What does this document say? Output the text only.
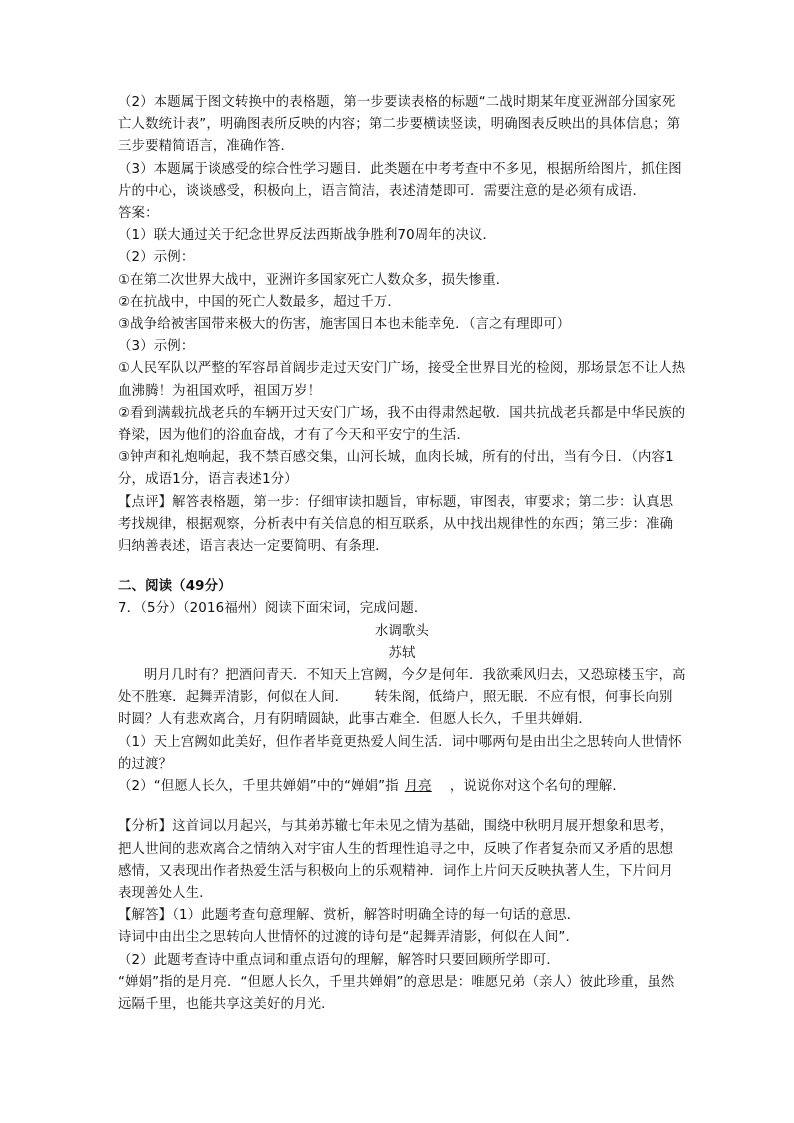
（2）本题属于图文转换中的表格题，第一步要读表格的标题“二战时期某年度亚洲部分国家死亡人数统计表”，明确图表所反映的内容；第二步要横读竖读，明确图表反映出的具体信息；第三步要精简语言，准确作答．

（3）本题属于谈感受的综合性学习题目．此类题在中考考查中不多见，根据所给图片，抓住图片的中心，谈谈感受，积极向上，语言简洁，表述清楚即可．需要注意的是必须有成语．

答案：

（1）联大通过关于纪念世界反法西斯战争胜利70周年的决议．

（2）示例：

①在第二次世界大战中，亚洲许多国家死亡人数众多，损失惨重．

②在抗战中，中国的死亡人数最多，超过千万．

③战争给被害国带来极大的伤害，施害国日本也未能幸免．（言之有理即可）

（3）示例：

①人民军队以严整的军容昂首阔步走过天安门广场，接受全世界目光的检阅，那场景怎不让人热血沸腾！为祖国欢呼，祖国万岁！

②看到满载抗战老兵的车辆开过天安门广场，我不由得肃然起敬．国共抗战老兵都是中华民族的脊梁，因为他们的浴血奋战，才有了今天和平安宁的生活．

③钟声和礼炮响起，我不禁百感交集，山河长城，血肉长城，所有的付出，当有今日．（内容1分，成语1分，语言表述1分）

【点评】解答表格题，第一步：仔细审读扣题旨，审标题，审图表，审要求；第二步：认真思考找规律，根据观察，分析表中有关信息的相互联系，从中找出规律性的东西；第三步：准确归纳善表述，语言表达一定要简明、有条理．

二、阅读（49分）

7．（5分）（2016福州）阅读下面宋词，完成问题．

水调歌头

苏轼

明月几时有？把酒问青天．不知天上宫阙，今夕是何年．我欲乘风归去，又恐琼楼玉宇，高处不胜寒．起舞弄清影，何似在人间．      转朱阁，低绮户，照无眠．不应有恨，何事长向别时圆？人有悲欢离合，月有阴晴圆缺，此事古难全．但愿人长久，千里共婵娟．

（1）天上宫阙如此美好，但作者毕竟更热爱人间生活．词中哪两句是由出尘之思转向人世情怀的过渡？

（2）“但愿人长久，千里共婵娟”中的“婵娟”指 月亮 ，说说你对这个名句的理解．

【分析】这首词以月起兴，与其弟苏辙七年未见之情为基础，围绕中秋明月展开想象和思考，把人世间的悲欢离合之情纳入对宇宙人生的哲理性追寻之中，反映了作者复杂而又矛盾的思想感情，又表现出作者热爱生活与积极向上的乐观精神．词作上片问天反映执著人生，下片问月表现善处人生．

【解答】（1）此题考查句意理解、赏析，解答时明确全诗的每一句话的意思．

诗词中由出尘之思转向人世情怀的过渡的诗句是“起舞弄清影，何似在人间”．

（2）此题考查诗中重点词和重点语句的理解，解答时只要回顾所学即可．

“婵娟”指的是月亮．“但愿人长久，千里共婵娟”的意思是：唯愿兄弟（亲人）彼此珍重，虽然远隔千里，也能共享这美好的月光．
